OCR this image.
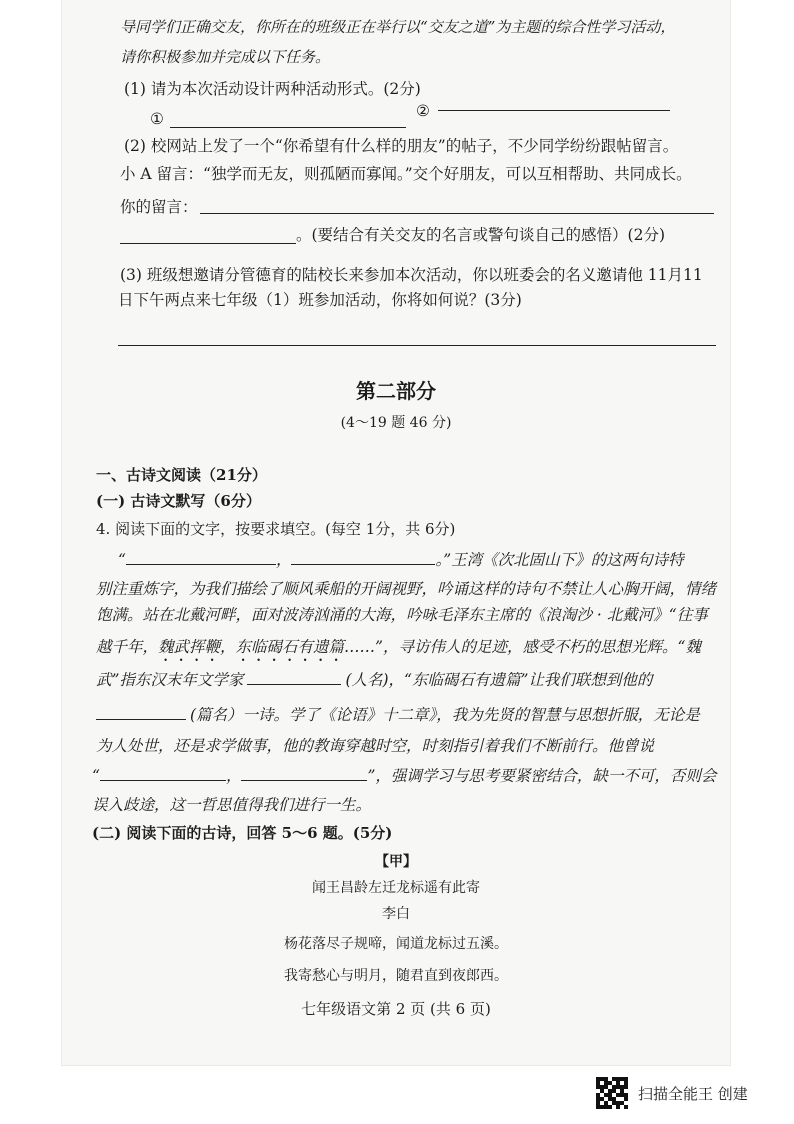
导同学们正确交友，你所在的班级正在举行以“交友之道”为主题的综合性学习活动，
请你积极参加并完成以下任务。
(1) 请为本次活动设计两种活动形式。(2分)
①	②
(2) 校网站上发了一个“你希望有什么样的朋友”的帖子，不少同学纷纷跟帖留言。
小 A 留言：“独学而无友，则孤陋而寡闻。”交个好朋友，可以互相帮助、共同成长。
你的留言：
。(要结合有关交友的名言或警句谈自己的感悟）(2分)
(3) 班级想邀请分管德育的陆校长来参加本次活动，你以班委会的名义邀请他 11月11
日下午两点来七年级（1）班参加活动，你将如何说？(3分)
第二部分
(4～19 题 46 分)
一、古诗文阅读（21分）
(一) 古诗文默写（6分）
4. 阅读下面的文字，按要求填空。(每空 1分，共 6分)
“	，	。”王湾《次北固山下》的这两句诗特
别注重炼字，为我们描绘了顺风乘船的开阔视野，吟诵这样的诗句不禁让人心胸开阔，情绪
饱满。站在北戴河畔，面对波涛汹涌的大海，吟咏毛泽东主席的《浪淘沙 · 北戴河》“往事
越千年，魏武挥鞭，东临碣石有遗篇……”，寻访伟人的足迹，感受不朽的思想光辉。“魏
武”指东汉末年文学家	(人名)，“东临碣石有遗篇”让我们联想到他的
(篇名）一诗。学了《论语》十二章》，我为先贤的智慧与思想折服，无论是
为人处世，还是求学做事，他的教诲穿越时空，时刻指引着我们不断前行。他曾说
“	，	”，强调学习与思考要紧密结合，缺一不可，否则会
误入歧途，这一哲思值得我们进行一生。
(二) 阅读下面的古诗，回答 5～6 题。(5分)
【甲】
闻王昌龄左迁龙标遥有此寄
李白
杨花落尽子规啼，闻道龙标过五溪。
我寄愁心与明月，随君直到夜郎西。
七年级语文第 2 页 (共 6 页)
扫描全能王 创建
